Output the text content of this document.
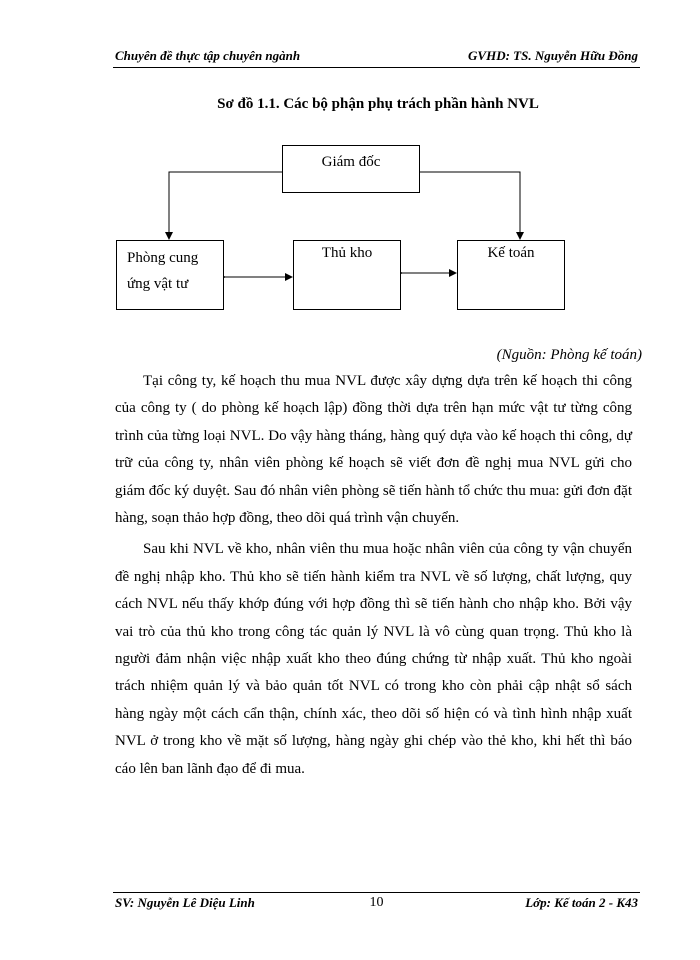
Chuyên đề thực tập chuyên ngành	GVHD: TS. Nguyễn Hữu Đồng
Sơ đồ 1.1. Các bộ phận phụ trách phần hành NVL
Giám đốc
Phòng cung
ứng vật tư
Thủ kho	Kế toán
(Nguồn: Phòng kế toán)

Tại công ty, kế hoạch thu mua NVL được xây dựng dựa trên kế hoạch thi công của công ty ( do phòng kế hoạch lập) đồng thời dựa trên hạn mức vật tư từng công trình của từng loại NVL. Do vậy hàng tháng, hàng quý dựa vào kế hoạch thi công, dự trữ của công ty, nhân viên phòng kế hoạch sẽ viết đơn đề nghị mua NVL gửi cho giám đốc ký duyệt. Sau đó nhân viên phòng sẽ tiến hành tổ chức thu mua: gửi đơn đặt hàng, soạn thảo hợp đồng, theo dõi quá trình vận chuyển.

Sau khi NVL về kho, nhân viên thu mua hoặc nhân viên của công ty vận chuyển đề nghị nhập kho. Thủ kho sẽ tiến hành kiểm tra NVL về số lượng, chất lượng, quy cách NVL nếu thấy khớp đúng với hợp đồng thì sẽ tiến hành cho nhập kho. Bởi vậy vai trò của thủ kho trong công tác quản lý NVL là vô cùng quan trọng. Thủ kho là người đảm nhận việc nhập xuất kho theo đúng chứng từ nhập xuất. Thủ kho ngoài trách nhiệm quản lý và bảo quản tốt NVL có trong kho còn phải cập nhật sổ sách hàng ngày một cách cẩn thận, chính xác, theo dõi số hiện có và tình hình nhập xuất NVL ở trong kho về mặt số lượng, hàng ngày ghi chép vào thẻ kho, khi hết thì báo cáo lên ban lãnh đạo để đi mua.

SV: Nguyễn Lê Diệu Linh	10	Lớp: Kế toán 2 - K43
